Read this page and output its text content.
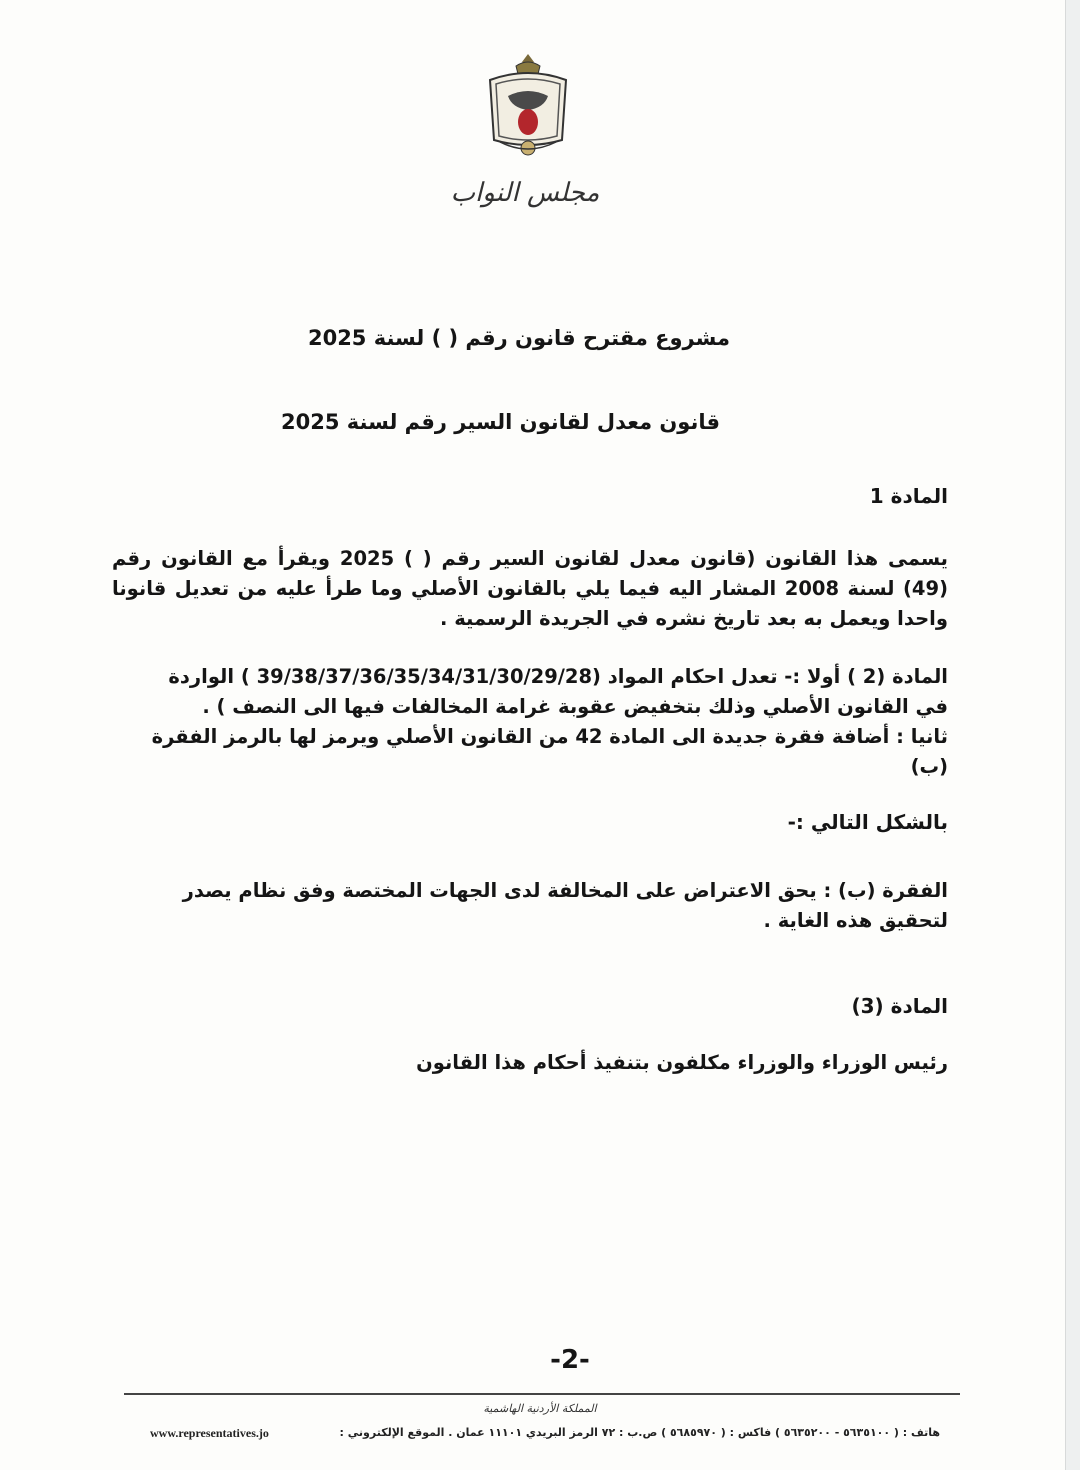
مجلس النواب
مشروع مقترح قانون رقم ( ) لسنة 2025
قانون معدل لقانون السير رقم لسنة 2025
المادة 1
يسمى هذا القانون (قانون معدل لقانون السير رقم ( ) 2025 ويقرأ مع القانون رقم (49) لسنة 2008 المشار اليه فيما يلي بالقانون الأصلي وما طرأ عليه من تعديل قانونا واحدا ويعمل به بعد تاريخ نشره في الجريدة الرسمية .
المادة (2 ) أولا :- تعدل احكام المواد (39/38/37/36/35/34/31/30/29/28 ) الواردة
في القانون الأصلي وذلك بتخفيض عقوبة غرامة المخالفات فيها الى النصف ) .
ثانيا : أضافة فقرة جديدة الى المادة 42 من القانون الأصلي ويرمز لها بالرمز الفقرة (ب)
بالشكل التالي :-
الفقرة (ب) : يحق الاعتراض على المخالفة لدى الجهات المختصة وفق نظام يصدر لتحقيق هذه الغاية .
المادة (3)
رئيس الوزراء والوزراء مكلفون بتنفيذ أحكام هذا القانون
-2-
المملكة الأردنية الهاشمية
هاتف : ( ٥٦٣٥١٠٠ - ٥٦٣٥٢٠٠ ) فاكس : ( ٥٦٨٥٩٧٠ ) ص.ب : ٧٢ الرمز البريدي ١١١٠١ عمان . الموقع الإلكتروني :
www.representatives.jo
